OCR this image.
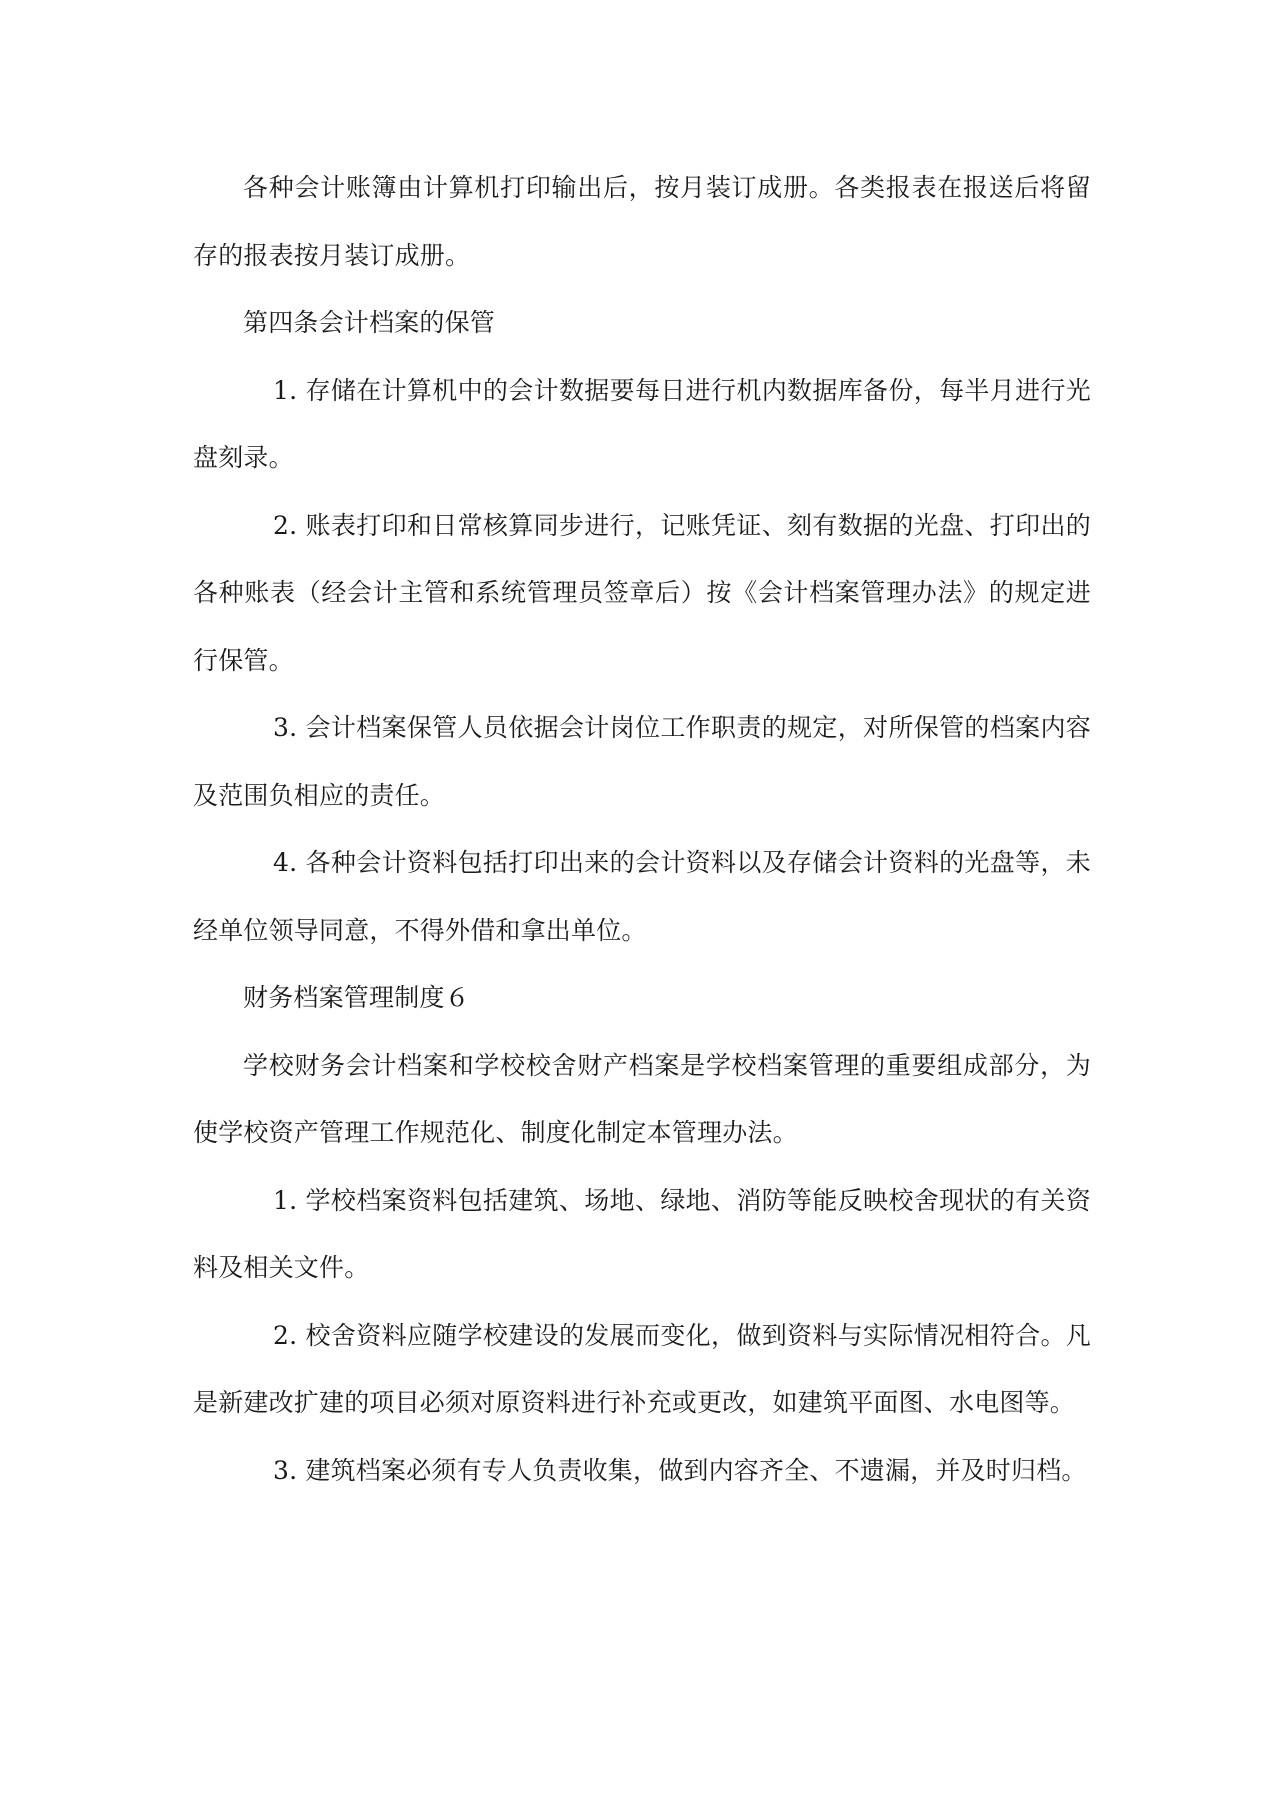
各种会计账簿由计算机打印输出后，按月装订成册。各类报表在报送后将留存的报表按月装订成册。

第四条会计档案的保管

1. 存储在计算机中的会计数据要每日进行机内数据库备份，每半月进行光盘刻录。

2. 账表打印和日常核算同步进行，记账凭证、刻有数据的光盘、打印出的各种账表（经会计主管和系统管理员签章后）按《会计档案管理办法》的规定进行保管。

3. 会计档案保管人员依据会计岗位工作职责的规定，对所保管的档案内容及范围负相应的责任。

4. 各种会计资料包括打印出来的会计资料以及存储会计资料的光盘等，未经单位领导同意，不得外借和拿出单位。

财务档案管理制度６

学校财务会计档案和学校校舍财产档案是学校档案管理的重要组成部分，为使学校资产管理工作规范化、制度化制定本管理办法。

1. 学校档案资料包括建筑、场地、绿地、消防等能反映校舍现状的有关资料及相关文件。

2. 校舍资料应随学校建设的发展而变化，做到资料与实际情况相符合。凡是新建改扩建的项目必须对原资料进行补充或更改，如建筑平面图、水电图等。

3. 建筑档案必须有专人负责收集，做到内容齐全、不遗漏，并及时归档。
